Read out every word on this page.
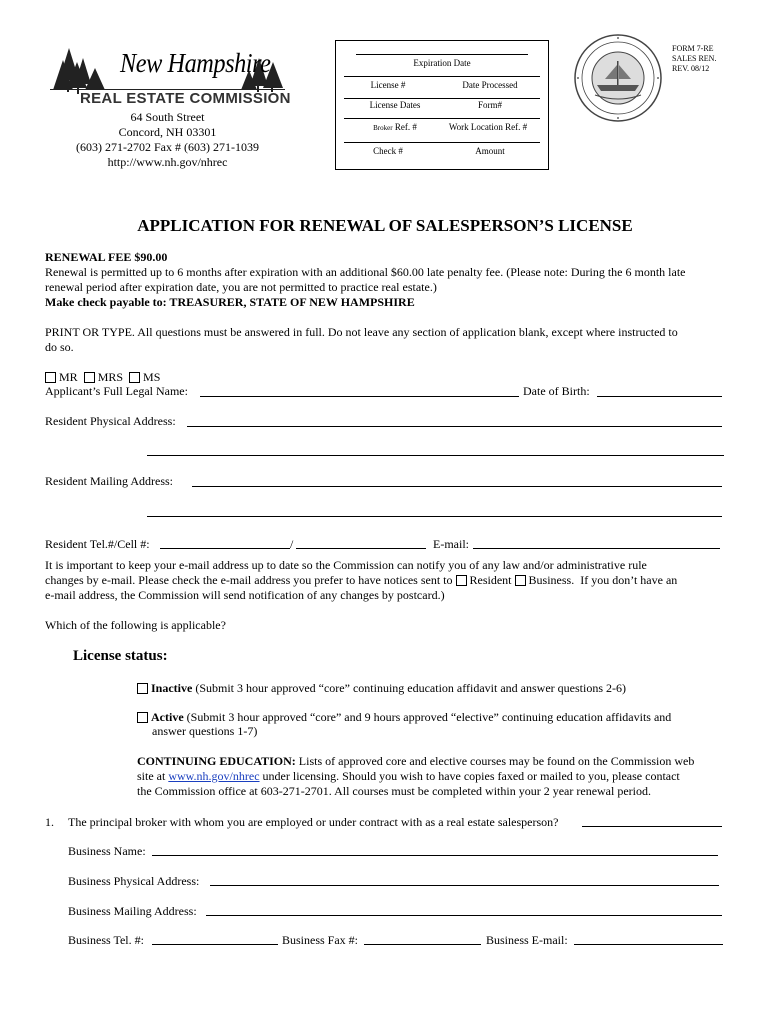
New Hampshire
REAL ESTATE COMMISSION
64 South Street
Concord, NH 03301
(603) 271-2702 Fax # (603) 271-1039
http://www.nh.gov/nhrec
Expiration Date
License #	Date Processed
License Dates	Form#
Broker Ref. #	Work Location Ref. #
Check #	Amount
FORM 7-RE
SALES REN.
REV. 08/12
APPLICATION FOR RENEWAL OF SALESPERSON’S LICENSE
RENEWAL FEE $90.00
Renewal is permitted up to 6 months after expiration with an additional $60.00 late penalty fee. (Please note: During the 6 month late
renewal period after expiration date, you are not permitted to practice real estate.)
Make check payable to: TREASURER, STATE OF NEW HAMPSHIRE
PRINT OR TYPE. All questions must be answered in full. Do not leave any section of application blank, except where instructed to
do so.
MR MRS MS
Applicant’s Full Legal Name:	Date of Birth:
Resident Physical Address:
Resident Mailing Address:
Resident Tel.#/Cell #:	/	E-mail:
It is important to keep your e-mail address up to date so the Commission can notify you of any law and/or administrative rule
changes by e-mail. Please check the e-mail address you prefer to have notices sent to Resident Business. If you don’t have an
e-mail address, the Commission will send notification of any changes by postcard.)
Which of the following is applicable?
License status:
Inactive (Submit 3 hour approved “core” continuing education affidavit and answer questions 2-6)
Active (Submit 3 hour approved “core” and 9 hours approved “elective” continuing education affidavits and
answer questions 1-7)
CONTINUING EDUCATION: Lists of approved core and elective courses may be found on the Commission web
site at www.nh.gov/nhrec under licensing. Should you wish to have copies faxed or mailed to you, please contact
the Commission office at 603-271-2701. All courses must be completed within your 2 year renewal period.
1. The principal broker with whom you are employed or under contract with as a real estate salesperson?
Business Name:
Business Physical Address:
Business Mailing Address:
Business Tel. #:	Business Fax #:	Business E-mail:
